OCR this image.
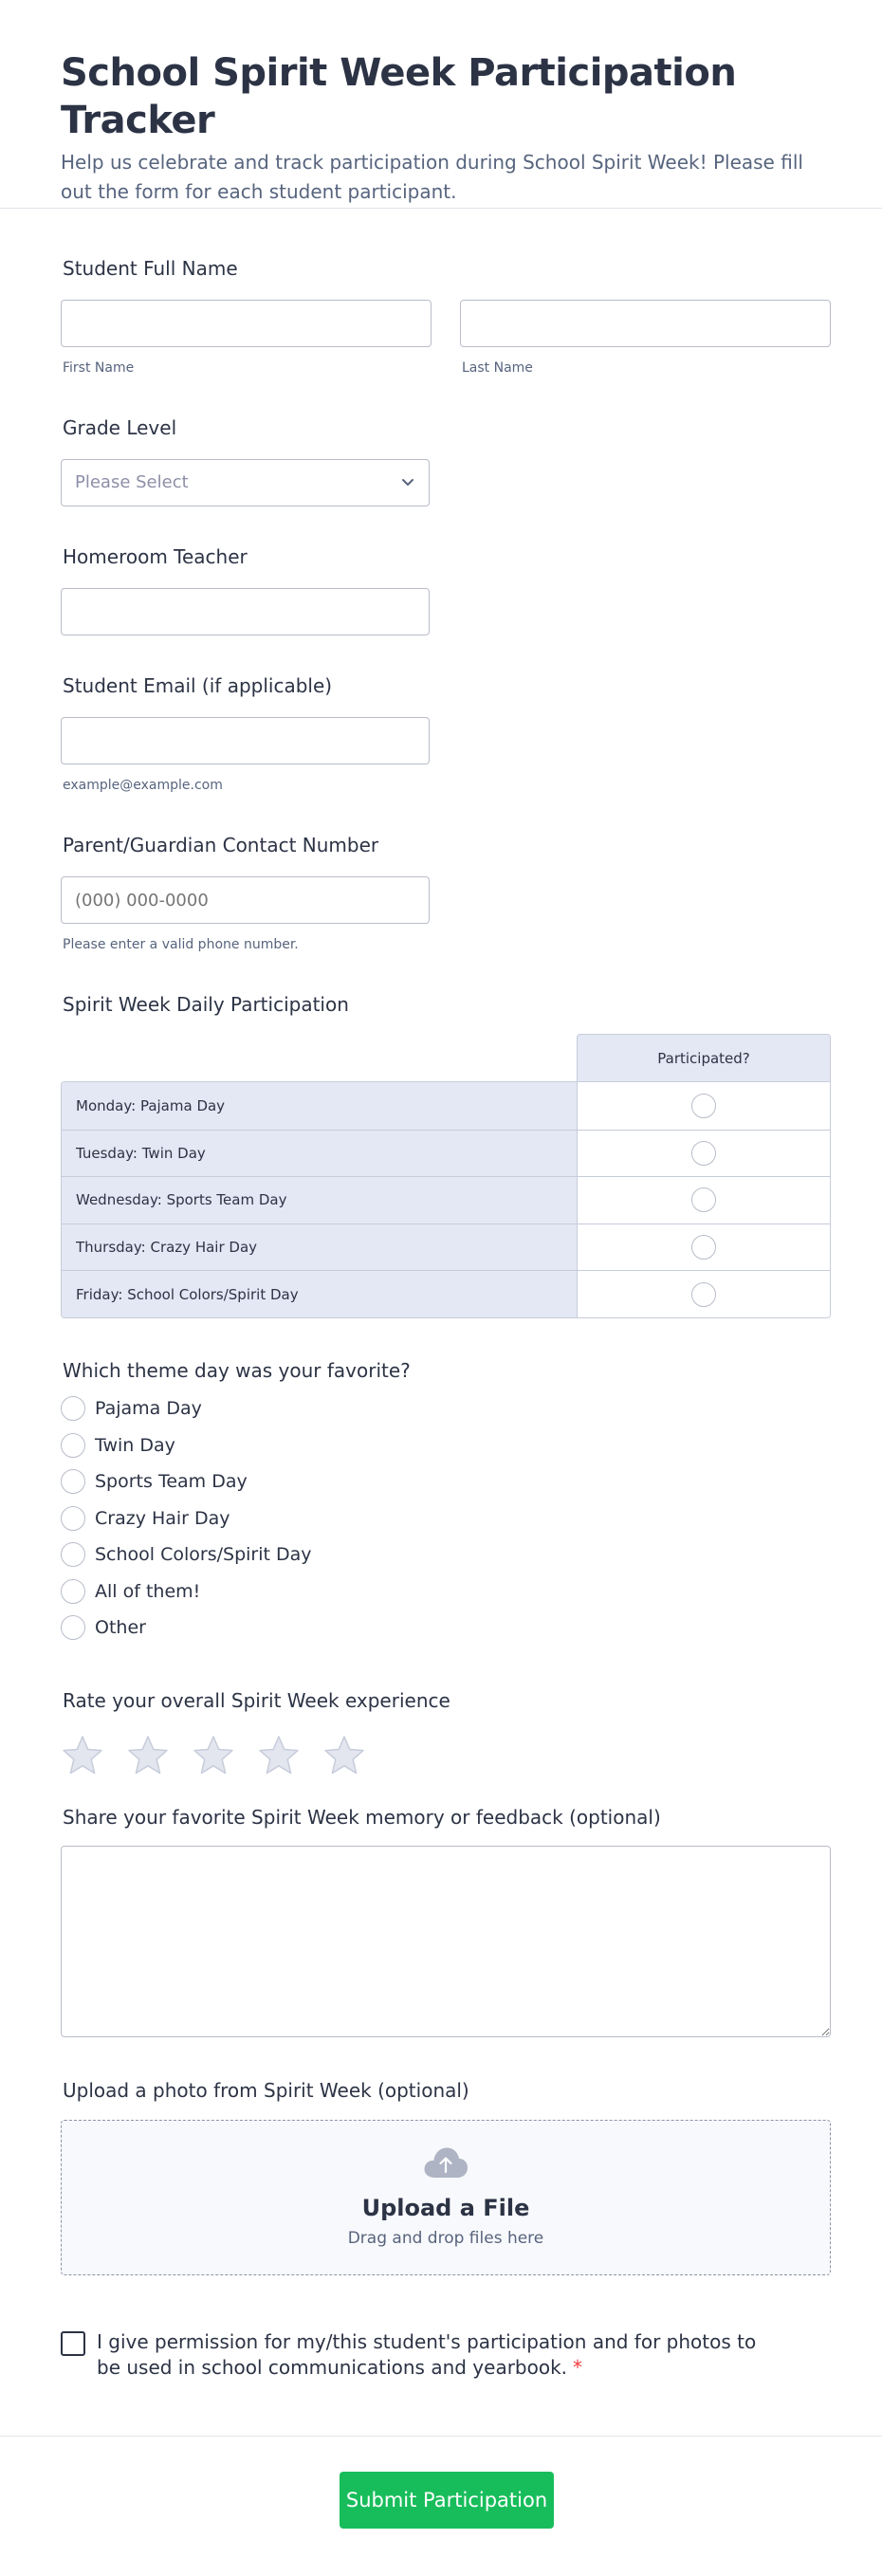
School Spirit Week Participation Tracker

Help us celebrate and track participation during School Spirit Week! Please fill out the form for each student participant.

Student Full Name
First Name	Last Name
Grade Level
Please Select
Homeroom Teacher
Student Email (if applicable)
example@example.com
Parent/Guardian Contact Number
(000) 000-0000
Please enter a valid phone number.
Spirit Week Daily Participation
Participated?
Monday: Pajama Day
Tuesday: Twin Day
Wednesday: Sports Team Day
Thursday: Crazy Hair Day
Friday: School Colors/Spirit Day
Which theme day was your favorite?
Pajama Day
Twin Day
Sports Team Day
Crazy Hair Day
School Colors/Spirit Day
All of them!
Other
Rate your overall Spirit Week experience
Share your favorite Spirit Week memory or feedback (optional)
Upload a photo from Spirit Week (optional)
Upload a File
Drag and drop files here
I give permission for my/this student's participation and for photos to be used in school communications and yearbook. *
Submit Participation
